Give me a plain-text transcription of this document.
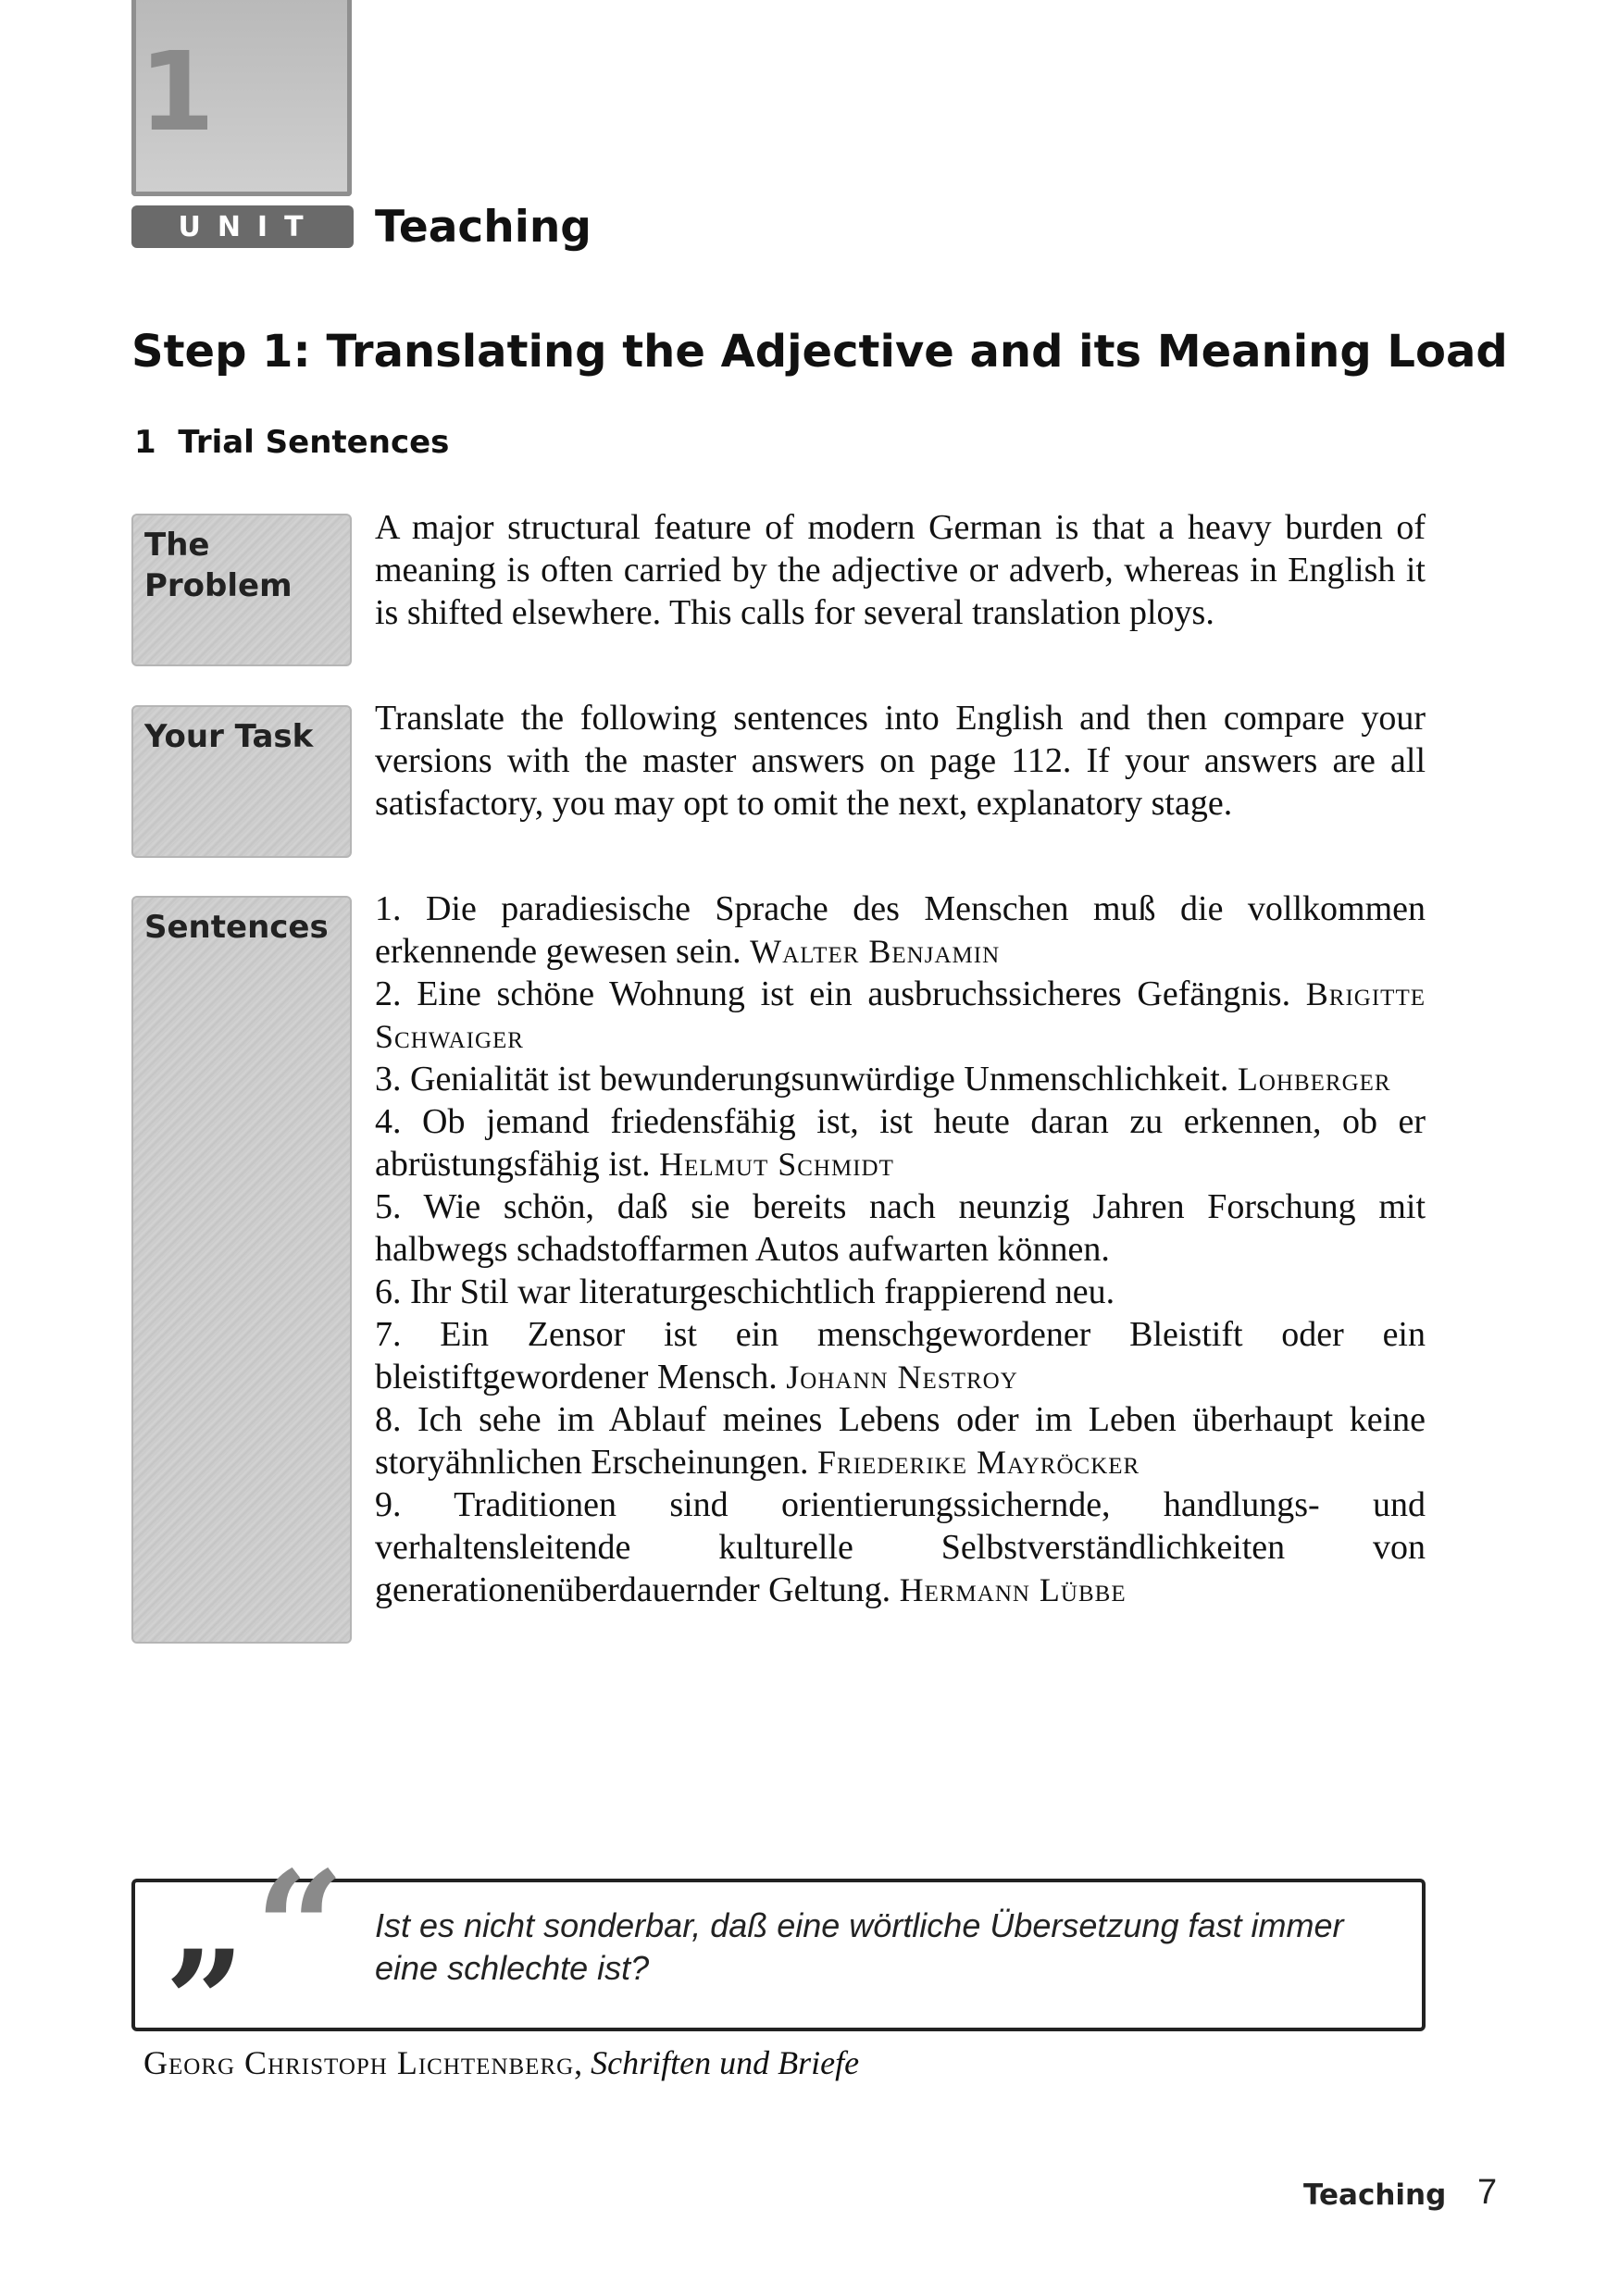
1
UNIT	Teaching
Step 1: Translating the Adjective and its Meaning Load
1 Trial Sentences
The
Problem
A major structural feature of modern German is that a heavy burden of meaning is often carried by the adjective or adverb, whereas in English it is shifted elsewhere. This calls for several translation ploys.
Your Task	Translate the following sentences into English and then compare your versions with the master answers on page 112. If your answers are all satisfactory, you may opt to omit the next, explanatory stage.
Sentences 1. Die paradiesische Sprache des Menschen muß die vollkommen erkennende gewesen sein. Walter Benjamin

2. Eine schöne Wohnung ist ein ausbruchssicheres Gefängnis. Brigitte Schwaiger

3. Genialität ist bewunderungsunwürdige Unmenschlichkeit. Lohberger

4. Ob jemand friedensfähig ist, ist heute daran zu erkennen, ob er abrüstungsfähig ist. Helmut Schmidt

5. Wie schön, daß sie bereits nach neunzig Jahren Forschung mit halbwegs schadstoffarmen Autos aufwarten können.

6. Ihr Stil war literaturgeschichtlich frappierend neu.

7. Ein Zensor ist ein menschgewordener Bleistift oder ein bleistiftgewordener Mensch. Johann Nestroy

8. Ich sehe im Ablauf meines Lebens oder im Leben überhaupt keine storyähnlichen Erscheinungen. Friederike Mayröcker

9. Traditionen sind orientierungssichernde, handlungs- und verhaltensleitende kulturelle Selbstverständlichkeiten von generationenüberdauernder Geltung. Hermann Lübbe

“
”	Ist es nicht sonderbar, daß eine wörtliche Übersetzung fast immer eine schlechte ist?
Georg Christoph Lichtenberg, Schriften und Briefe
Teaching 7
